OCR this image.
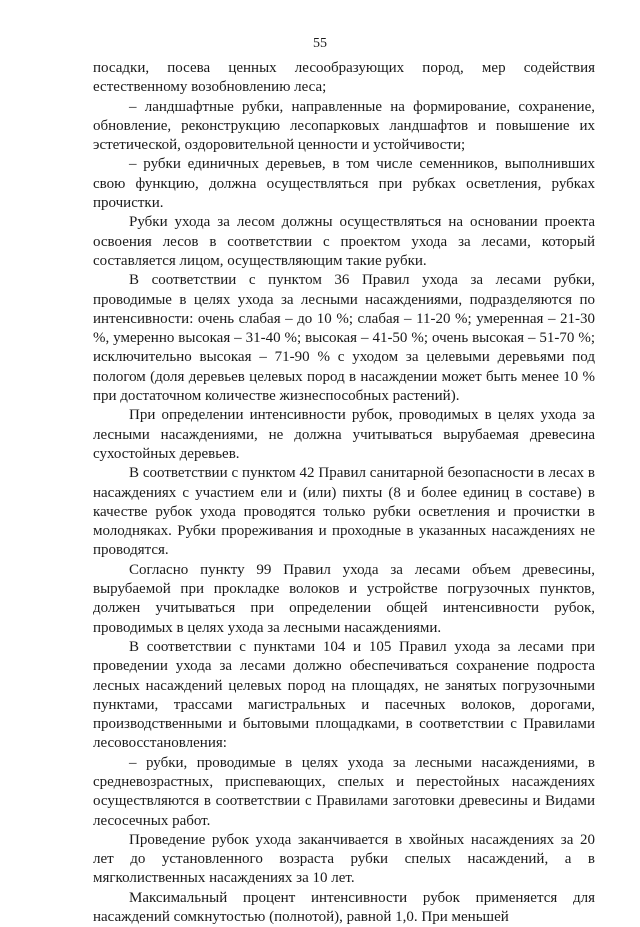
55

посадки, посева ценных лесообразующих пород, мер содействия естественному возобновлению леса;

– ландшафтные рубки, направленные на формирование, сохранение, обновление, реконструкцию лесопарковых ландшафтов и повышение их эстетической, оздоровительной ценности и устойчивости;

– рубки единичных деревьев, в том числе семенников, выполнивших свою функцию, должна осуществляться при рубках осветления, рубках прочистки.

Рубки ухода за лесом должны осуществляться на основании проекта освоения лесов в соответствии с проектом ухода за лесами, который составляется лицом, осуществляющим такие рубки.

В соответствии с пунктом 36 Правил ухода за лесами рубки, проводимые в целях ухода за лесными насаждениями, подразделяются по интенсивности: очень слабая – до 10 %; слабая – 11-20 %; умеренная – 21-30 %, умеренно высокая – 31-40 %; высокая – 41-50 %; очень высокая – 51-70 %; исключительно высокая – 71-90 % с уходом за целевыми деревьями под пологом (доля деревьев целевых пород в насаждении может быть менее 10 % при достаточном количестве жизнеспособных растений).

При определении интенсивности рубок, проводимых в целях ухода за лесными насаждениями, не должна учитываться вырубаемая древесина сухостойных деревьев.

В соответствии с пунктом 42 Правил санитарной безопасности в лесах в насаждениях с участием ели и (или) пихты (8 и более единиц в составе) в качестве рубок ухода проводятся только рубки осветления и прочистки в молодняках. Рубки прореживания и проходные в указанных насаждениях не проводятся.

Согласно пункту 99 Правил ухода за лесами объем древесины, вырубаемой при прокладке волоков и устройстве погрузочных пунктов, должен учитываться при определении общей интенсивности рубок, проводимых в целях ухода за лесными насаждениями.

В соответствии с пунктами 104 и 105 Правил ухода за лесами при проведении ухода за лесами должно обеспечиваться сохранение подроста лесных насаждений целевых пород на площадях, не занятых погрузочными пунктами, трассами магистральных и пасечных волоков, дорогами, производственными и бытовыми площадками, в соответствии с Правилами лесовосстановления:

– рубки, проводимые в целях ухода за лесными насаждениями, в средневозрастных, приспевающих, спелых и перестойных насаждениях осуществляются в соответствии с Правилами заготовки древесины и Видами лесосечных работ.

Проведение рубок ухода заканчивается в хвойных насаждениях за 20 лет до установленного возраста рубки спелых насаждений, а в мягколиственных насаждениях за 10 лет.

Максимальный процент интенсивности рубок применяется для насаждений сомкнутостью (полнотой), равной 1,0. При меньшей
